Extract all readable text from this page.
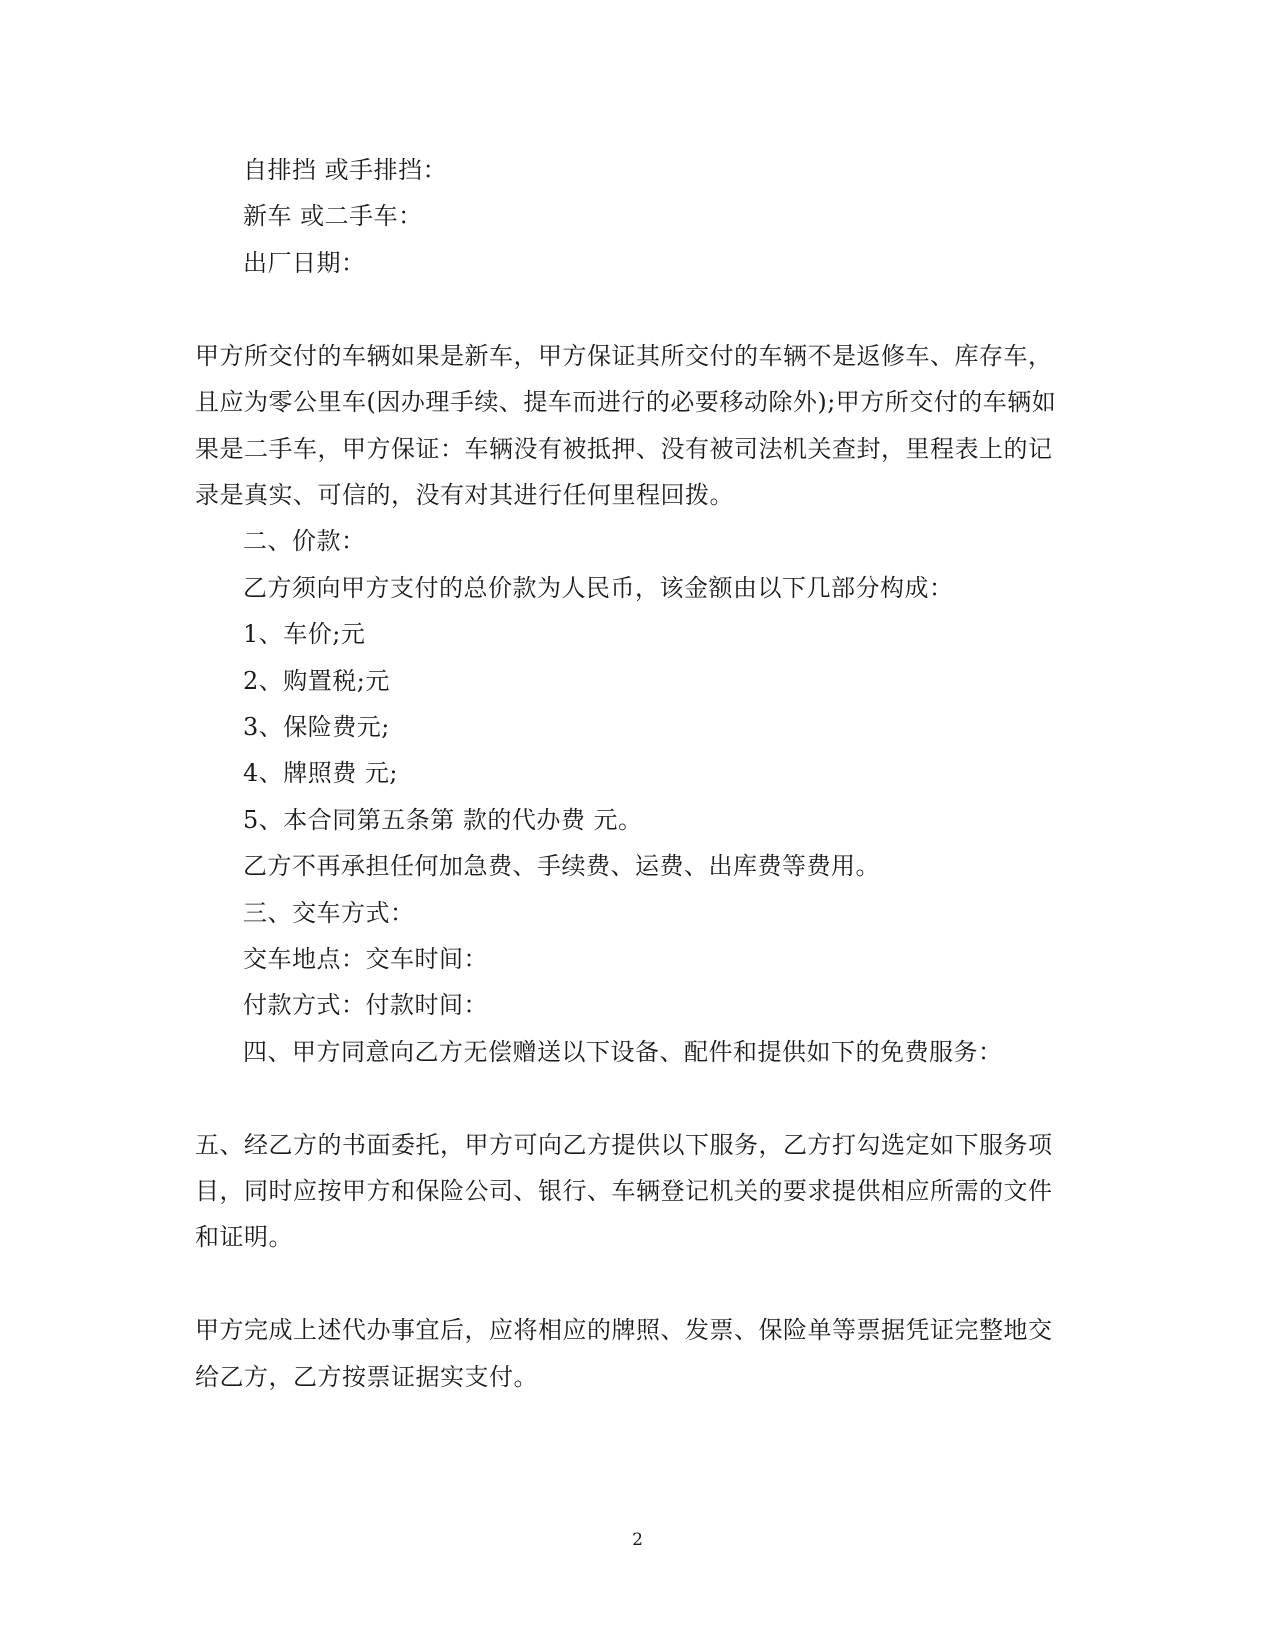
自排挡 或手排挡：
新车 或二手车：
出厂日期：
甲方所交付的车辆如果是新车，甲方保证其所交付的车辆不是返修车、库存车，
且应为零公里车(因办理手续、提车而进行的必要移动除外);甲方所交付的车辆如
果是二手车，甲方保证：车辆没有被抵押、没有被司法机关查封，里程表上的记
录是真实、可信的，没有对其进行任何里程回拨。
二、价款：
乙方须向甲方支付的总价款为人民币，该金额由以下几部分构成：
1、车价;元
2、购置税;元
3、保险费元;
4、牌照费 元;
5、本合同第五条第 款的代办费 元。
乙方不再承担任何加急费、手续费、运费、出库费等费用。
三、交车方式：
交车地点：交车时间：
付款方式：付款时间：
四、甲方同意向乙方无偿赠送以下设备、配件和提供如下的免费服务：
五、经乙方的书面委托，甲方可向乙方提供以下服务，乙方打勾选定如下服务项
目，同时应按甲方和保险公司、银行、车辆登记机关的要求提供相应所需的文件
和证明。
甲方完成上述代办事宜后，应将相应的牌照、发票、保险单等票据凭证完整地交
给乙方，乙方按票证据实支付。
2
